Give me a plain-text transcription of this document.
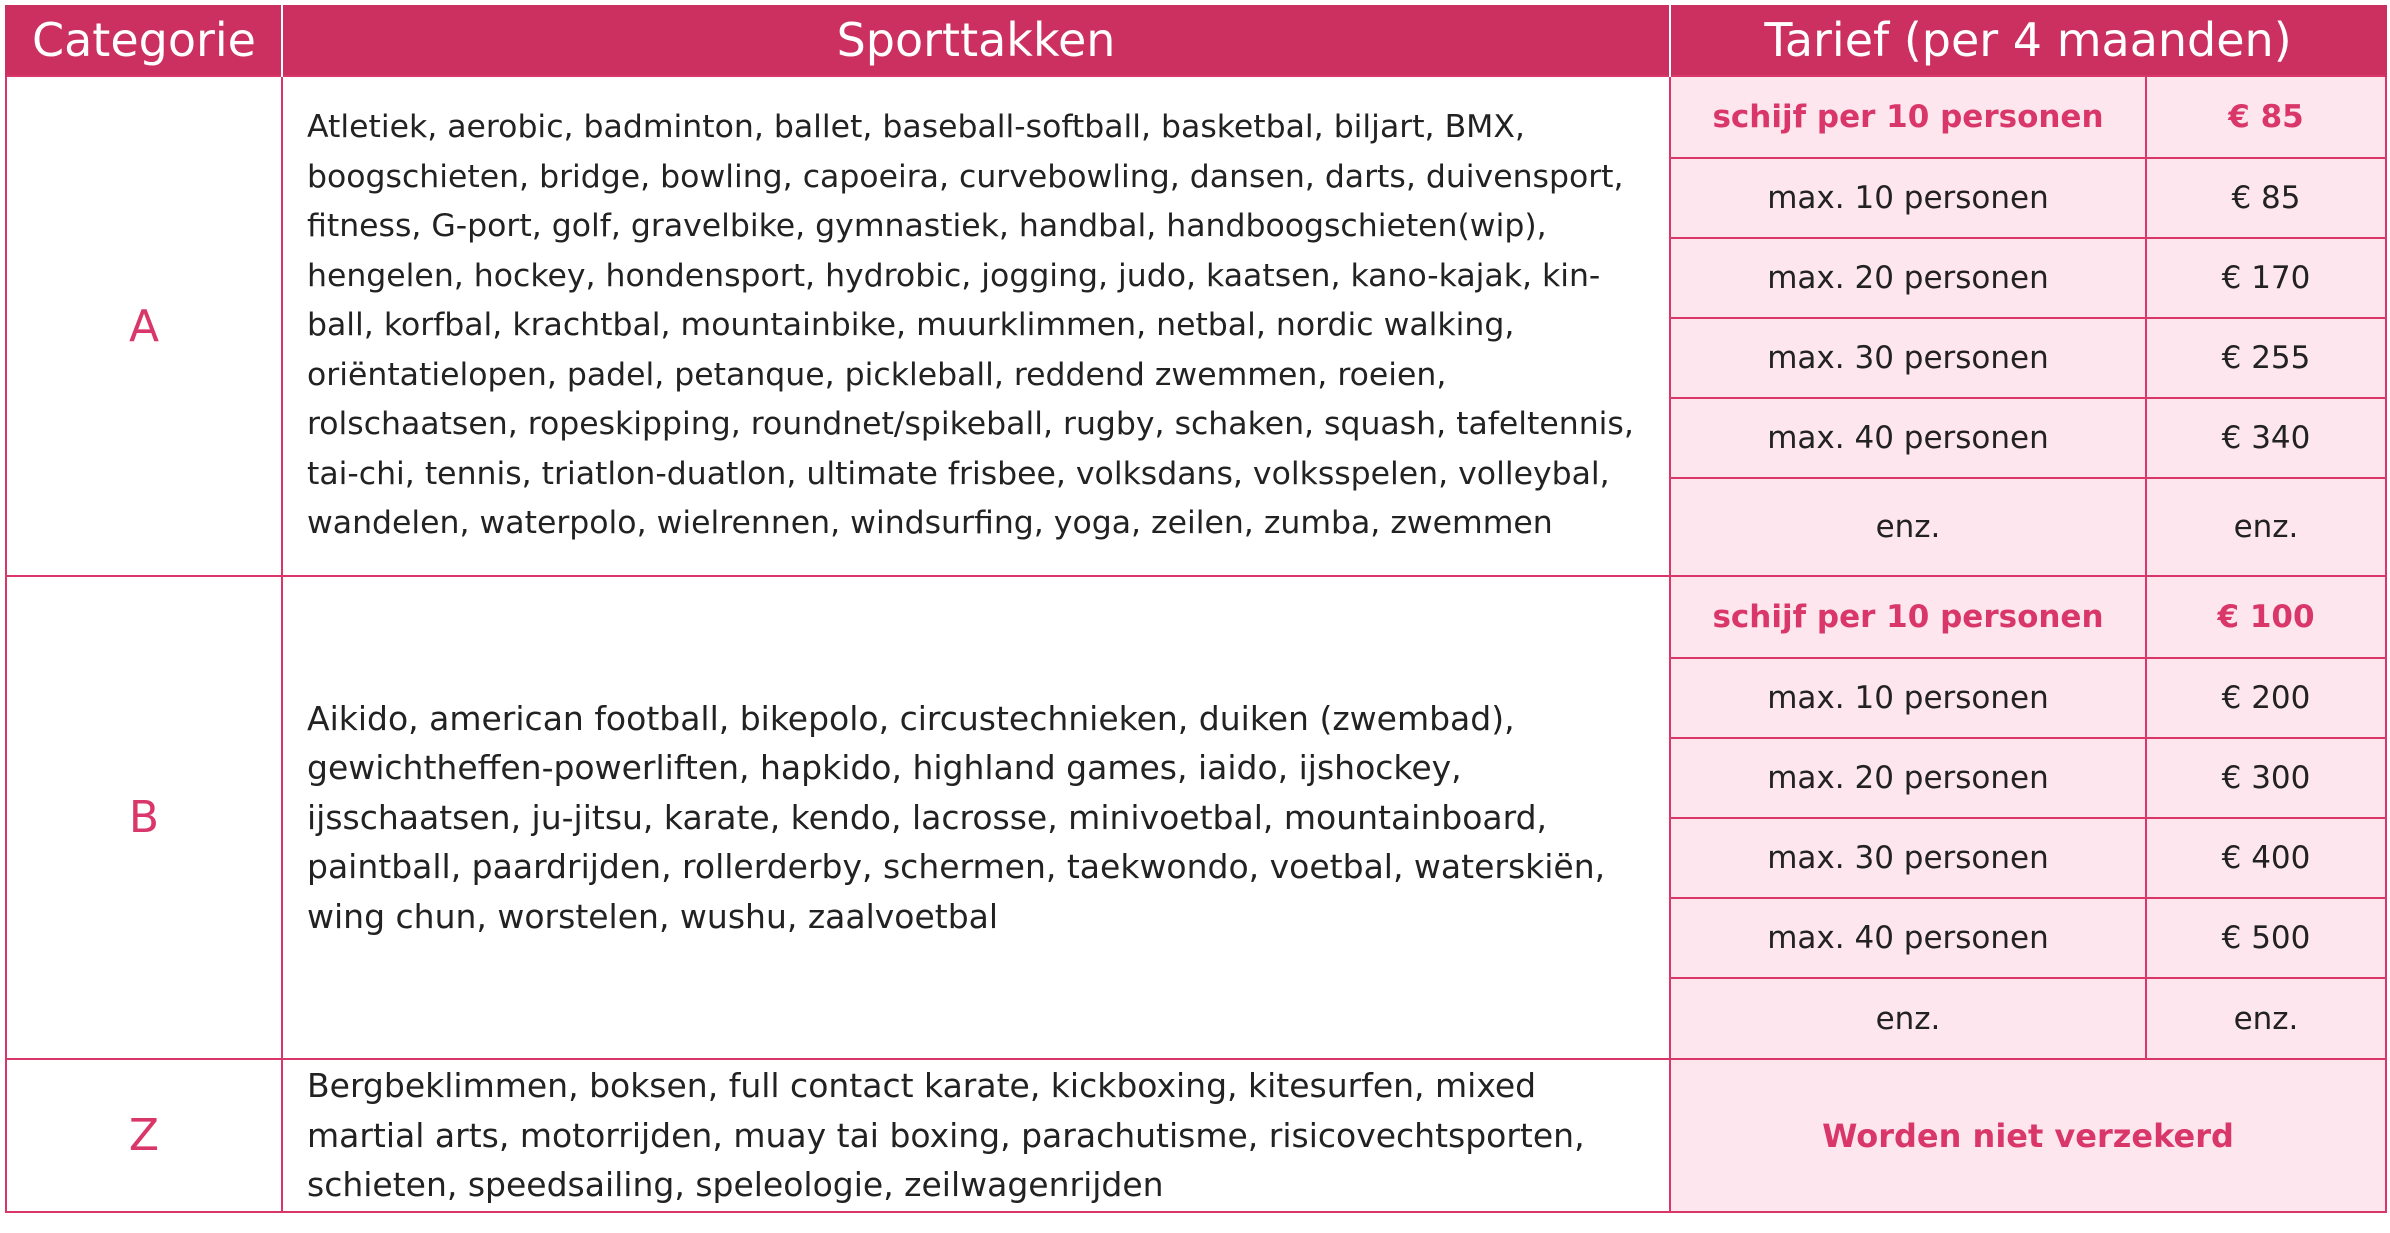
Categorie	Sporttakken	Tarief (per 4 maanden)	
A	Atletiek, aerobic, badminton, ballet, baseball-softball, basketbal, biljart, BMX, boogschieten, bridge, bowling, capoeira, curvebowling, dansen, darts, duivensport, fitness, G-port, golf, gravelbike, gymnastiek, handbal, handboogschieten(wip), hengelen, hockey, hondensport, hydrobic, jogging, judo, kaatsen, kano-kajak, kin-ball, korfbal, krachtbal, mountainbike, muurklimmen, netbal, nordic walking, oriëntatielopen, padel, petanque, pickleball, reddend zwemmen, roeien, rolschaatsen, ropeskipping, roundnet/spikeball, rugby, schaken, squash, tafeltennis, tai-chi, tennis, triatlon-duatlon, ultimate frisbee, volksdans, volksspelen, volleybal, wandelen, waterpolo, wielrennen, windsurfing, yoga, zeilen, zumba, zwemmen	schijf per 10 personen	€ 85
		max. 10 personen	€ 85
		max. 20 personen	€ 170
		max. 30 personen	€ 255
		max. 40 personen	€ 340
		enz.	enz.
B	Aikido, american football, bikepolo, circustechnieken, duiken (zwembad), gewichtheffen-powerliften, hapkido, highland games, iaido, ijshockey, ijsschaatsen, ju-jitsu, karate, kendo, lacrosse, minivoetbal, mountainboard, paintball, paardrijden, rollerderby, schermen, taekwondo, voetbal, waterskiën, wing chun, worstelen, wushu, zaalvoetbal	schijf per 10 personen	€ 100
		max. 10 personen	€ 200
		max. 20 personen	€ 300
		max. 30 personen	€ 400
		max. 40 personen	€ 500
		enz.	enz.
Z	Bergbeklimmen, boksen, full contact karate, kickboxing, kitesurfen, mixed martial arts, motorrijden, muay tai boxing, parachutisme, risicovechtsporten, schieten, speedsailing, speleologie, zeilwagenrijden	Worden niet verzekerd	
